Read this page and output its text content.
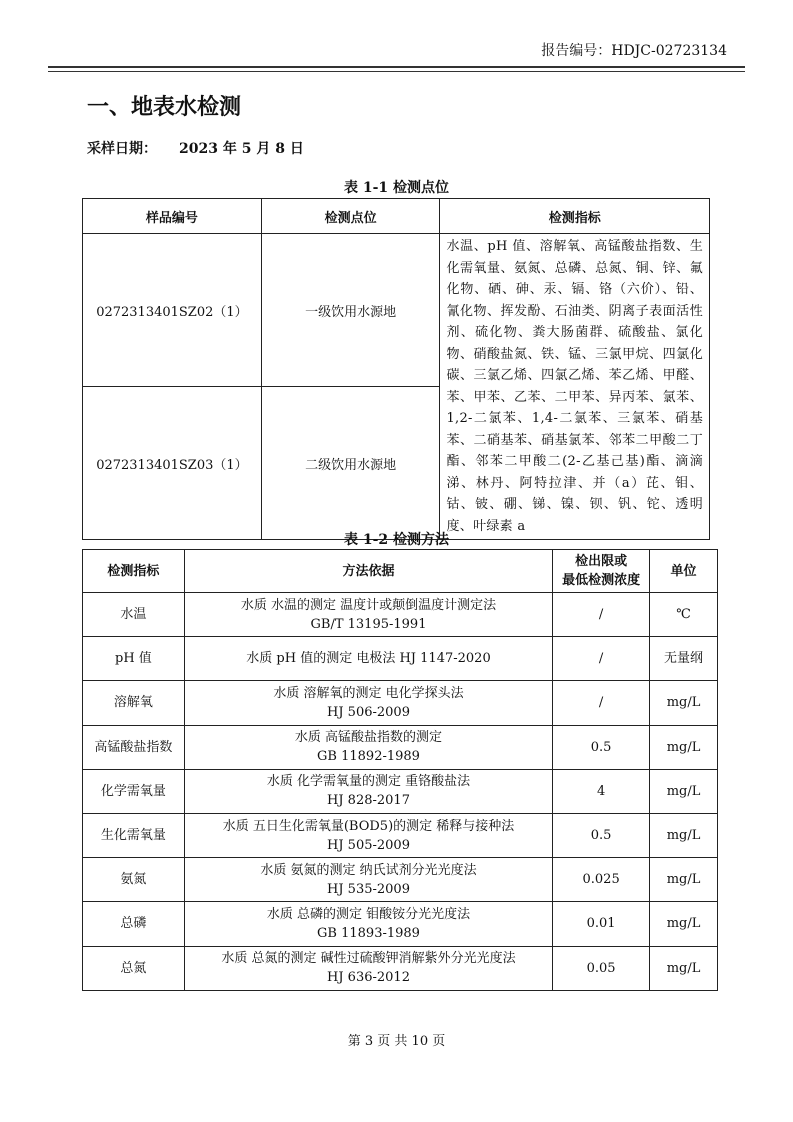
报告编号：HDJC-02723134
一、地表水检测
采样日期： 2023 年 5 月 8 日
表 1-1 检测点位
样品编号	检测点位	检测指标
0272313401SZ02（1）	一级饮用水源地	水温、pH 值、溶解氧、高锰酸盐指数、生化需氧量、氨氮、总磷、总氮、铜、锌、氟化物、硒、砷、汞、镉、铬（六价）、铅、氰化物、挥发酚、石油类、阴离子表面活性剂、硫化物、粪大肠菌群、硫酸盐、氯化物、硝酸盐氮、铁、锰、三氯甲烷、四氯化碳、三氯乙烯、四氯乙烯、苯乙烯、甲醛、苯、甲苯、乙苯、二甲苯、异丙苯、氯苯、1,2-二氯苯、1,4-二氯苯、三氯苯、硝基苯、二硝基苯、硝基氯苯、邻苯二甲酸二丁酯、邻苯二甲酸二(2-乙基己基)酯、滴滴涕、林丹、阿特拉津、并（a）芘、钼、钴、铍、硼、锑、镍、钡、钒、铊、透明度、叶绿素 a
0272313401SZ03（1）	二级饮用水源地	
表 1-2 检测方法
检测指标	方法依据	检出限或
最低检测浓度	单位
水温	水质 水温的测定 温度计或颠倒温度计测定法
GB/T 13195-1991	/	℃
pH 值	水质 pH 值的测定 电极法 HJ 1147-2020	/	无量纲
溶解氧	水质 溶解氧的测定 电化学探头法
HJ 506-2009	/	mg/L
高锰酸盐指数	水质 高锰酸盐指数的测定
GB 11892-1989	0.5	mg/L
化学需氧量	水质 化学需氧量的测定 重铬酸盐法
HJ 828-2017	4	mg/L
生化需氧量	水质 五日生化需氧量(BOD5)的测定 稀释与接种法
HJ 505-2009	0.5	mg/L
氨氮	水质 氨氮的测定 纳氏试剂分光光度法
HJ 535-2009	0.025	mg/L
总磷	水质 总磷的测定 钼酸铵分光光度法
GB 11893-1989	0.01	mg/L
总氮	水质 总氮的测定 碱性过硫酸钾消解紫外分光光度法
HJ 636-2012	0.05	mg/L
第 3 页 共 10 页
